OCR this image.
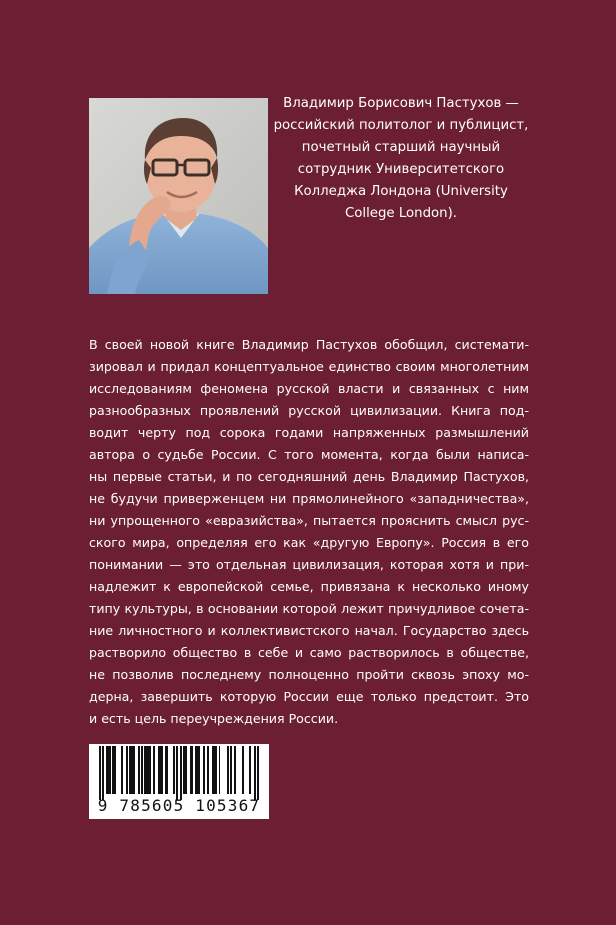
Владимир Борисович Пастухов —
российский политолог и публицист,
почетный старший научный
сотрудник Университетского
Колледжа Лондона (University
College London).

В своей новой книге Владимир Пастухов обобщил, системати-
зировал и придал концептуальное единство своим многолетним
исследованиям феномена русской власти и связанных с ним
разнообразных проявлений русской цивилизации. Книга под-
водит черту под сорока годами напряженных размышлений
автора о судьбе России. С того момента, когда были написа-
ны первые статьи, и по сегодняшний день Владимир Пастухов,
не будучи приверженцем ни прямолинейного «западничества»,
ни упрощенного «евразийства», пытается прояснить смысл рус-
ского мира, определяя его как «другую Европу». Россия в его
понимании — это отдельная цивилизация, которая хотя и при-
надлежит к европейской семье, привязана к несколько иному
типу культуры, в основании которой лежит причудливое сочета-
ние личностного и коллективистского начал. Государство здесь
растворило общество в себе и само растворилось в обществе,
не позволив последнему полноценно пройти сквозь эпоху мо-
дерна, завершить которую России еще только предстоит. Это
и есть цель переучреждения России.

9 785605 105367
